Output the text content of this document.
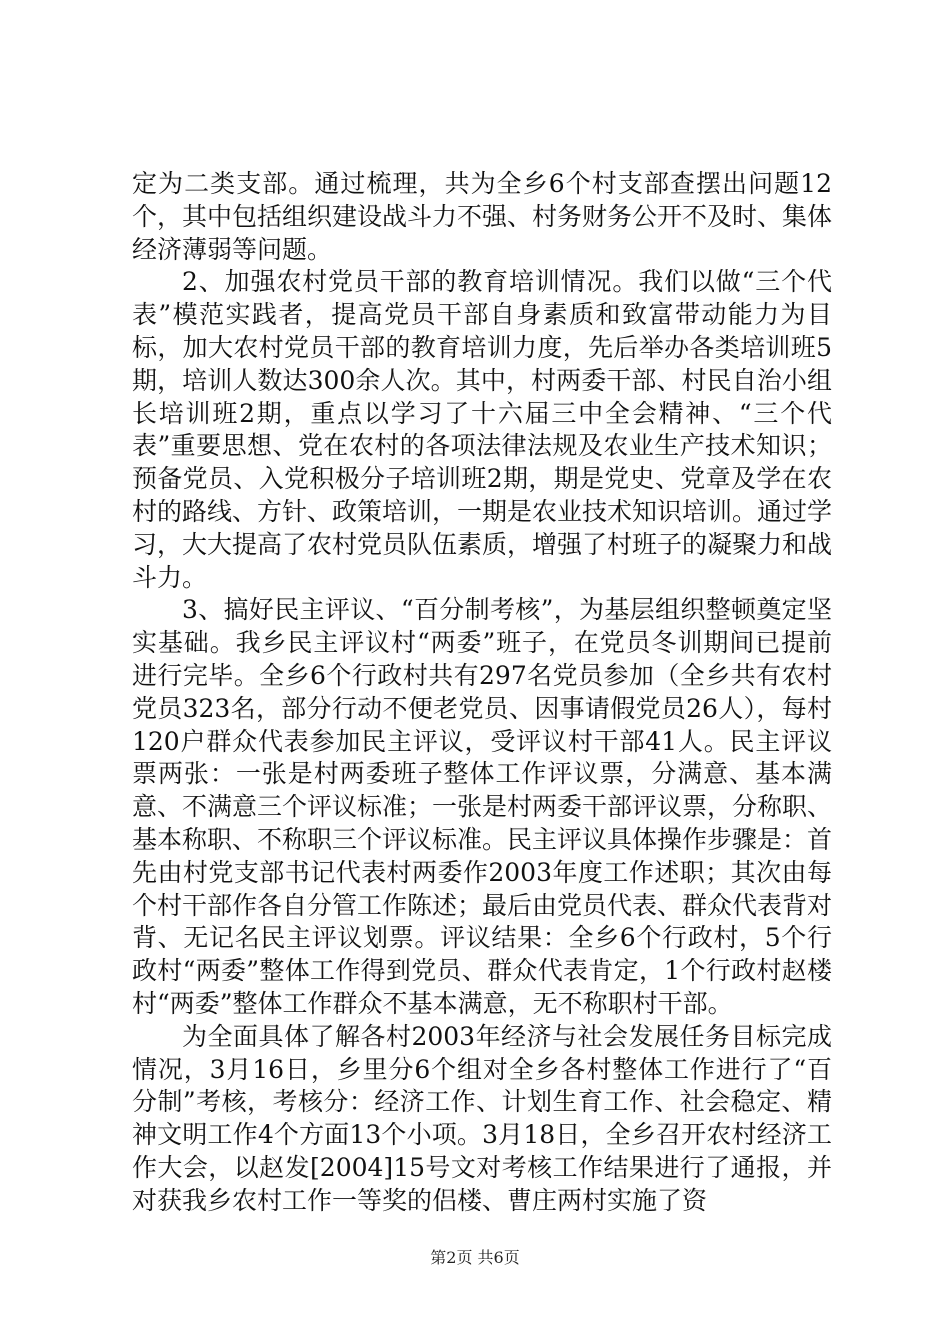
定为二类支部。通过梳理，共为全乡6个村支部查摆出问题12个，其中包括组织建设战斗力不强、村务财务公开不及时、集体经济薄弱等问题。

2、加强农村党员干部的教育培训情况。我们以做“三个代表”模范实践者，提高党员干部自身素质和致富带动能力为目标，加大农村党员干部的教育培训力度，先后举办各类培训班5期，培训人数达300余人次。其中，村两委干部、村民自治小组长培训班2期，重点以学习了十六届三中全会精神、“三个代表”重要思想、党在农村的各项法律法规及农业生产技术知识；预备党员、入党积极分子培训班2期，期是党史、党章及学在农村的路线、方针、政策培训，一期是农业技术知识培训。通过学习，大大提高了农村党员队伍素质，增强了村班子的凝聚力和战斗力。

3、搞好民主评议、“百分制考核”，为基层组织整顿奠定坚实基础。我乡民主评议村“两委”班子，在党员冬训期间已提前进行完毕。全乡6个行政村共有297名党员参加（全乡共有农村党员323名，部分行动不便老党员、因事请假党员26人），每村120户群众代表参加民主评议，受评议村干部41人。民主评议票两张：一张是村两委班子整体工作评议票，分满意、基本满意、不满意三个评议标准；一张是村两委干部评议票，分称职、基本称职、不称职三个评议标准。民主评议具体操作步骤是：首先由村党支部书记代表村两委作2003年度工作述职；其次由每个村干部作各自分管工作陈述；最后由党员代表、群众代表背对背、无记名民主评议划票。评议结果：全乡6个行政村，5个行政村“两委”整体工作得到党员、群众代表肯定，1个行政村赵楼村“两委”整体工作群众不基本满意，无不称职村干部。

为全面具体了解各村2003年经济与社会发展任务目标完成情况，3月16日，乡里分6个组对全乡各村整体工作进行了“百分制”考核，考核分：经济工作、计划生育工作、社会稳定、精神文明工作4个方面13个小项。3月18日，全乡召开农村经济工作大会，以赵发[2004]15号文对考核工作结果进行了通报，并对获我乡农村工作一等奖的侣楼、曹庄两村实施了资

第2页 共6页
